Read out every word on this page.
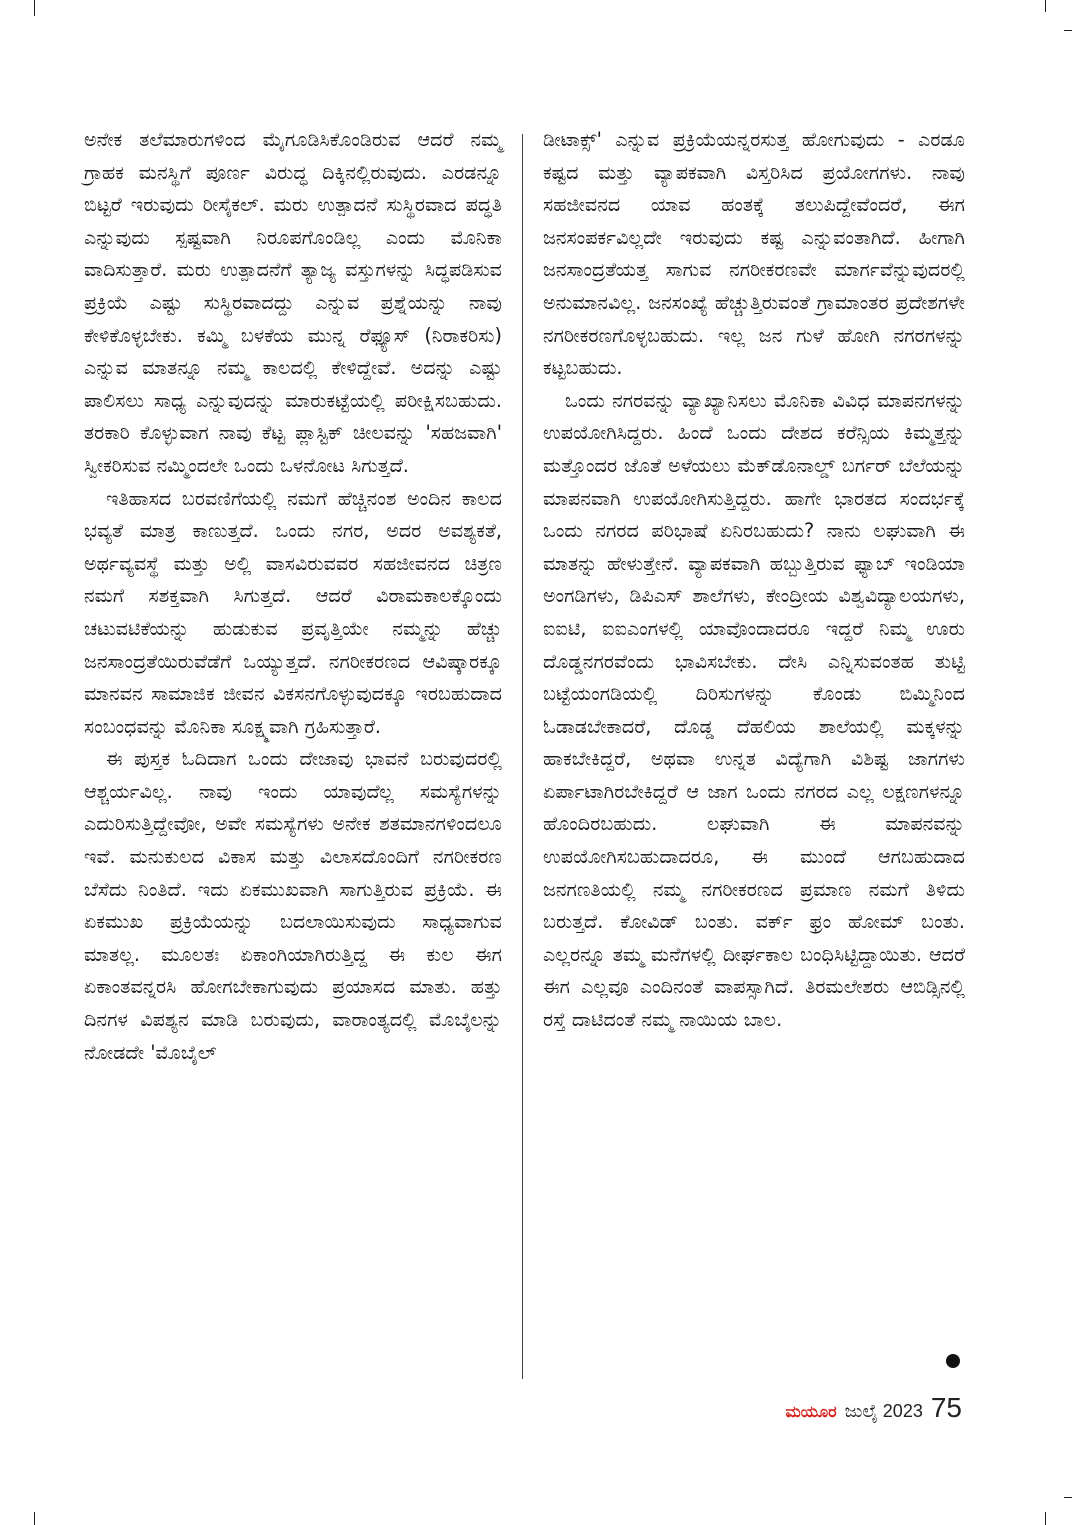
ಅನೇಕ ತಲೆಮಾರುಗಳಿಂದ ಮೈಗೂಡಿಸಿಕೊಂಡಿರುವ ಆದರೆ ನಮ್ಮ ಗ್ರಾಹಕ ಮನಸ್ಥಿಗೆ ಪೂರ್ಣ ವಿರುದ್ಧ ದಿಕ್ಕಿನಲ್ಲಿರುವುದು. ಎರಡನ್ನೂ ಬಿಟ್ಟರೆ ಇರುವುದು ರೀಸೈಕಲ್. ಮರು ಉತ್ಪಾದನೆ ಸುಸ್ಥಿರವಾದ ಪದ್ಧತಿ ಎನ್ನುವುದು ಸ್ಪಷ್ಟವಾಗಿ ನಿರೂಪಗೊಂಡಿಲ್ಲ ಎಂದು ಮೊನಿಕಾ ವಾದಿಸುತ್ತಾರೆ. ಮರು ಉತ್ಪಾದನೆಗೆ ತ್ಯಾಜ್ಯ ವಸ್ತುಗಳನ್ನು ಸಿದ್ಧಪಡಿಸುವ ಪ್ರಕ್ರಿಯೆ ಎಷ್ಟು ಸುಸ್ಥಿರವಾದದ್ದು ಎನ್ನುವ ಪ್ರಶ್ನೆಯನ್ನು ನಾವು ಕೇಳಿಕೊಳ್ಳಬೇಕು. ಕಮ್ಮಿ ಬಳಕೆಯ ಮುನ್ನ ರೆಫ್ಯೂಸ್ (ನಿರಾಕರಿಸು) ಎನ್ನುವ ಮಾತನ್ನೂ ನಮ್ಮ ಕಾಲದಲ್ಲಿ ಕೇಳಿದ್ದೇವೆ. ಅದನ್ನು ಎಷ್ಟು ಪಾಲಿಸಲು ಸಾಧ್ಯ ಎನ್ನುವುದನ್ನು ಮಾರುಕಟ್ಟೆಯಲ್ಲಿ ಪರೀಕ್ಷಿಸಬಹುದು. ತರಕಾರಿ ಕೊಳ್ಳುವಾಗ ನಾವು ಕೆಟ್ಟ ಪ್ಲಾಸ್ಟಿಕ್ ಚೀಲವನ್ನು 'ಸಹಜವಾಗಿ' ಸ್ವೀಕರಿಸುವ ನಮ್ಮಿಂದಲೇ ಒಂದು ಒಳನೋಟ ಸಿಗುತ್ತದೆ.

ಇತಿಹಾಸದ ಬರವಣಿಗೆಯಲ್ಲಿ ನಮಗೆ ಹೆಚ್ಚಿನಂಶ ಅಂದಿನ ಕಾಲದ ಭವ್ಯತೆ ಮಾತ್ರ ಕಾಣುತ್ತದೆ. ಒಂದು ನಗರ, ಅದರ ಅವಶ್ಯಕತೆ, ಅರ್ಥವ್ಯವಸ್ಥೆ ಮತ್ತು ಅಲ್ಲಿ ವಾಸವಿರುವವರ ಸಹಜೀವನದ ಚಿತ್ರಣ ನಮಗೆ ಸಶಕ್ತವಾಗಿ ಸಿಗುತ್ತದೆ. ಆದರೆ ವಿರಾಮಕಾಲಕ್ಕೊಂದು ಚಟುವಟಿಕೆಯನ್ನು ಹುಡುಕುವ ಪ್ರವೃತ್ತಿಯೇ ನಮ್ಮನ್ನು ಹೆಚ್ಚು ಜನಸಾಂದ್ರತೆಯಿರುವೆಡೆಗೆ ಒಯ್ಯುತ್ತದೆ. ನಗರೀಕರಣದ ಆವಿಷ್ಕಾರಕ್ಕೂ ಮಾನವನ ಸಾಮಾಜಿಕ ಜೀವನ ವಿಕಸನಗೊಳ್ಳುವುದಕ್ಕೂ ಇರಬಹುದಾದ ಸಂಬಂಧವನ್ನು ಮೊನಿಕಾ ಸೂಕ್ಷ್ಮವಾಗಿ ಗ್ರಹಿಸುತ್ತಾರೆ.

ಈ ಪುಸ್ತಕ ಓದಿದಾಗ ಒಂದು ದೇಜಾವು ಭಾವನೆ ಬರುವುದರಲ್ಲಿ ಆಶ್ಚರ್ಯವಿಲ್ಲ. ನಾವು ಇಂದು ಯಾವುದೆಲ್ಲ ಸಮಸ್ಯೆಗಳನ್ನು ಎದುರಿಸುತ್ತಿದ್ದೇವೋ, ಅವೇ ಸಮಸ್ಯೆಗಳು ಅನೇಕ ಶತಮಾನಗಳಿಂದಲೂ ಇವೆ. ಮನುಕುಲದ ವಿಕಾಸ ಮತ್ತು ವಿಲಾಸದೊಂದಿಗೆ ನಗರೀಕರಣ ಬೆಸೆದು ನಿಂತಿದೆ. ಇದು ಏಕಮುಖವಾಗಿ ಸಾಗುತ್ತಿರುವ ಪ್ರಕ್ರಿಯೆ. ಈ ಏಕಮುಖ ಪ್ರಕ್ರಿಯೆಯನ್ನು ಬದಲಾಯಿಸುವುದು ಸಾಧ್ಯವಾಗುವ ಮಾತಲ್ಲ. ಮೂಲತಃ ಏಕಾಂಗಿಯಾಗಿರುತ್ತಿದ್ದ ಈ ಕುಲ ಈಗ ಏಕಾಂತವನ್ನರಸಿ ಹೋಗಬೇಕಾಗುವುದು ಪ್ರಯಾಸದ ಮಾತು. ಹತ್ತು ದಿನಗಳ ವಿಪಶ್ಯನ ಮಾಡಿ ಬರುವುದು, ವಾರಾಂತ್ಯದಲ್ಲಿ ಮೊಬೈಲನ್ನು ನೋಡದೇ 'ಮೊಬೈಲ್

ಡೀಟಾಕ್ಸ್' ಎನ್ನುವ ಪ್ರಕ್ರಿಯೆಯನ್ನರಸುತ್ತ ಹೋಗುವುದು - ಎರಡೂ ಕಷ್ಟದ ಮತ್ತು ವ್ಯಾಪಕವಾಗಿ ವಿಸ್ತರಿಸಿದ ಪ್ರಯೋಗಗಳು. ನಾವು ಸಹಜೀವನದ ಯಾವ ಹಂತಕ್ಕೆ ತಲುಪಿದ್ದೇವೆಂದರೆ, ಈಗ ಜನಸಂಪರ್ಕವಿಲ್ಲದೇ ಇರುವುದು ಕಷ್ಟ ಎನ್ನುವಂತಾಗಿದೆ. ಹೀಗಾಗಿ ಜನಸಾಂದ್ರತೆಯತ್ತ ಸಾಗುವ ನಗರೀಕರಣವೇ ಮಾರ್ಗವೆನ್ನುವುದರಲ್ಲಿ ಅನುಮಾನವಿಲ್ಲ. ಜನಸಂಖ್ಯೆ ಹೆಚ್ಚುತ್ತಿರುವಂತೆ ಗ್ರಾಮಾಂತರ ಪ್ರದೇಶಗಳೇ ನಗರೀಕರಣಗೊಳ್ಳಬಹುದು. ಇಲ್ಲ ಜನ ಗುಳೆ ಹೋಗಿ ನಗರಗಳನ್ನು ಕಟ್ಟಬಹುದು.

ಒಂದು ನಗರವನ್ನು ವ್ಯಾಖ್ಯಾನಿಸಲು ಮೊನಿಕಾ ವಿವಿಧ ಮಾಪನಗಳನ್ನು ಉಪಯೋಗಿಸಿದ್ದರು. ಹಿಂದೆ ಒಂದು ದೇಶದ ಕರೆನ್ಸಿಯ ಕಿಮ್ಮತ್ತನ್ನು ಮತ್ತೊಂದರ ಜೊತೆ ಅಳೆಯಲು ಮೆಕ್‌ಡೊನಾಲ್ಡ್ ಬರ್ಗರ್ ಬೆಲೆಯನ್ನು ಮಾಪನವಾಗಿ ಉಪಯೋಗಿಸುತ್ತಿದ್ದರು. ಹಾಗೇ ಭಾರತದ ಸಂದರ್ಭಕ್ಕೆ ಒಂದು ನಗರದ ಪರಿಭಾಷೆ ಏನಿರಬಹುದು? ನಾನು ಲಘುವಾಗಿ ಈ ಮಾತನ್ನು ಹೇಳುತ್ತೇನೆ. ವ್ಯಾಪಕವಾಗಿ ಹಬ್ಬುತ್ತಿರುವ ಫ್ಯಾಬ್ ಇಂಡಿಯಾ ಅಂಗಡಿಗಳು, ಡಿಪಿಎಸ್ ಶಾಲೆಗಳು, ಕೇಂದ್ರೀಯ ವಿಶ್ವವಿದ್ಯಾಲಯಗಳು, ಐಐಟಿ, ಐಐಎಂಗಳಲ್ಲಿ ಯಾವೊಂದಾದರೂ ಇದ್ದರೆ ನಿಮ್ಮ ಊರು ದೊಡ್ಡನಗರವೆಂದು ಭಾವಿಸಬೇಕು. ದೇಸಿ ಎನ್ನಿಸುವಂತಹ ತುಟ್ಟಿ ಬಟ್ಟೆಯಂಗಡಿಯಲ್ಲಿ ದಿರಿಸುಗಳನ್ನು ಕೊಂಡು ಬಿಮ್ಮಿನಿಂದ ಓಡಾಡಬೇಕಾದರೆ, ದೊಡ್ಡ ದೆಹಲಿಯ ಶಾಲೆಯಲ್ಲಿ ಮಕ್ಕಳನ್ನು ಹಾಕಬೇಕಿದ್ದರೆ, ಅಥವಾ ಉನ್ನತ ವಿದ್ಯೆಗಾಗಿ ವಿಶಿಷ್ಟ ಜಾಗಗಳು ಏರ್ಪಾಟಾಗಿರಬೇಕಿದ್ದರೆ ಆ ಜಾಗ ಒಂದು ನಗರದ ಎಲ್ಲ ಲಕ್ಷಣಗಳನ್ನೂ ಹೊಂದಿರಬಹುದು. ಲಘುವಾಗಿ ಈ ಮಾಪನವನ್ನು ಉಪಯೋಗಿಸಬಹುದಾದರೂ, ಈ ಮುಂದೆ ಆಗಬಹುದಾದ ಜನಗಣತಿಯಲ್ಲಿ ನಮ್ಮ ನಗರೀಕರಣದ ಪ್ರಮಾಣ ನಮಗೆ ತಿಳಿದು ಬರುತ್ತದೆ. ಕೋವಿಡ್ ಬಂತು. ವರ್ಕ್ ಫ್ರಂ ಹೋಮ್ ಬಂತು. ಎಲ್ಲರನ್ನೂ ತಮ್ಮ ಮನೆಗಳಲ್ಲಿ ದೀರ್ಘಕಾಲ ಬಂಧಿಸಿಟ್ಟಿದ್ದಾಯಿತು. ಆದರೆ ಈಗ ಎಲ್ಲವೂ ಎಂದಿನಂತೆ ವಾಪಸ್ಸಾಗಿದೆ. ತಿರಮಲೇಶರು ಆಬಿಡ್ಸಿನಲ್ಲಿ ರಸ್ತೆ ದಾಟಿದಂತೆ ನಮ್ಮ ನಾಯಿಯ ಬಾಲ.

ಮಯೂರ ಜುಲೈ 2023 75
